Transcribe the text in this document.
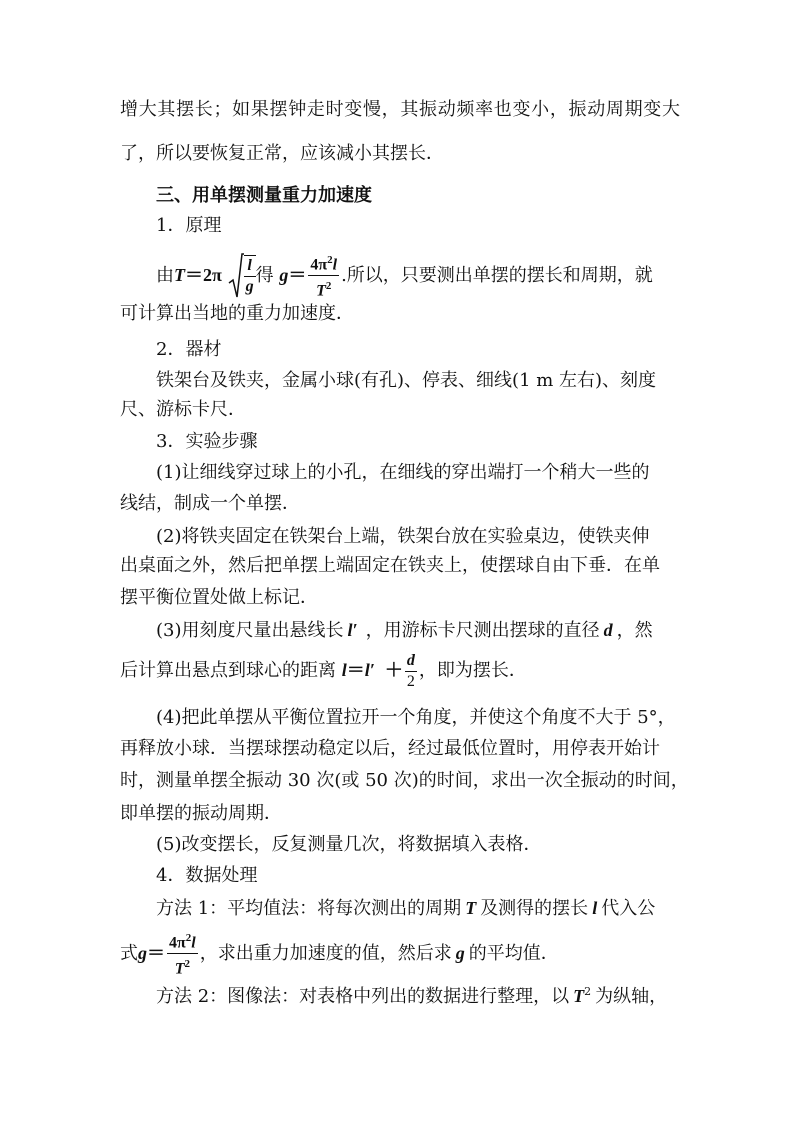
增大其摆长；如果摆钟走时变慢，其振动频率也变小，振动周期变大
了，所以要恢复正常，应该减小其摆长．
三、用单摆测量重力加速度
1．原理
由$T=2\pi \frac{l}{g}$ 得 $g= \frac{4\pi^2l}{T^2}$ .所以，只要测出单摆的摆长和周期，就
可计算出当地的重力加速度．
2．器材
铁架台及铁夹，金属小球(有孔)、停表、细线(1 m 左右)、刻度
尺、游标卡尺．
3．实验步骤
(1)让细线穿过球上的小孔，在细线的穿出端打一个稍大一些的
线结，制成一个单摆．
(2)将铁夹固定在铁架台上端，铁架台放在实验桌边，使铁夹伸
出桌面之外，然后把单摆上端固定在铁夹上，使摆球自由下垂．在单
摆平衡位置处做上标记．
(3)用刻度尺量出悬线长 l′ ，用游标卡尺测出摆球的直径 d ，然
后计算出悬点到球心的距离 $l=l' + \frac{d}{2}$ ，即为摆长．
(4)把此单摆从平衡位置拉开一个角度，并使这个角度不大于 5°，
再释放小球．当摆球摆动稳定以后，经过最低位置时，用停表开始计
时，测量单摆全振动 30 次(或 50 次)的时间，求出一次全振动的时间，
即单摆的振动周期．
(5)改变摆长，反复测量几次，将数据填入表格．
4．数据处理
方法 1：平均值法：将每次测出的周期 T 及测得的摆长 l 代入公
式$g= \frac{4\pi^2l}{T^2}$ ，求出重力加速度的值，然后求 g 的平均值．
方法 2：图像法：对表格中列出的数据进行整理，以 $T^2$ 为纵轴，
